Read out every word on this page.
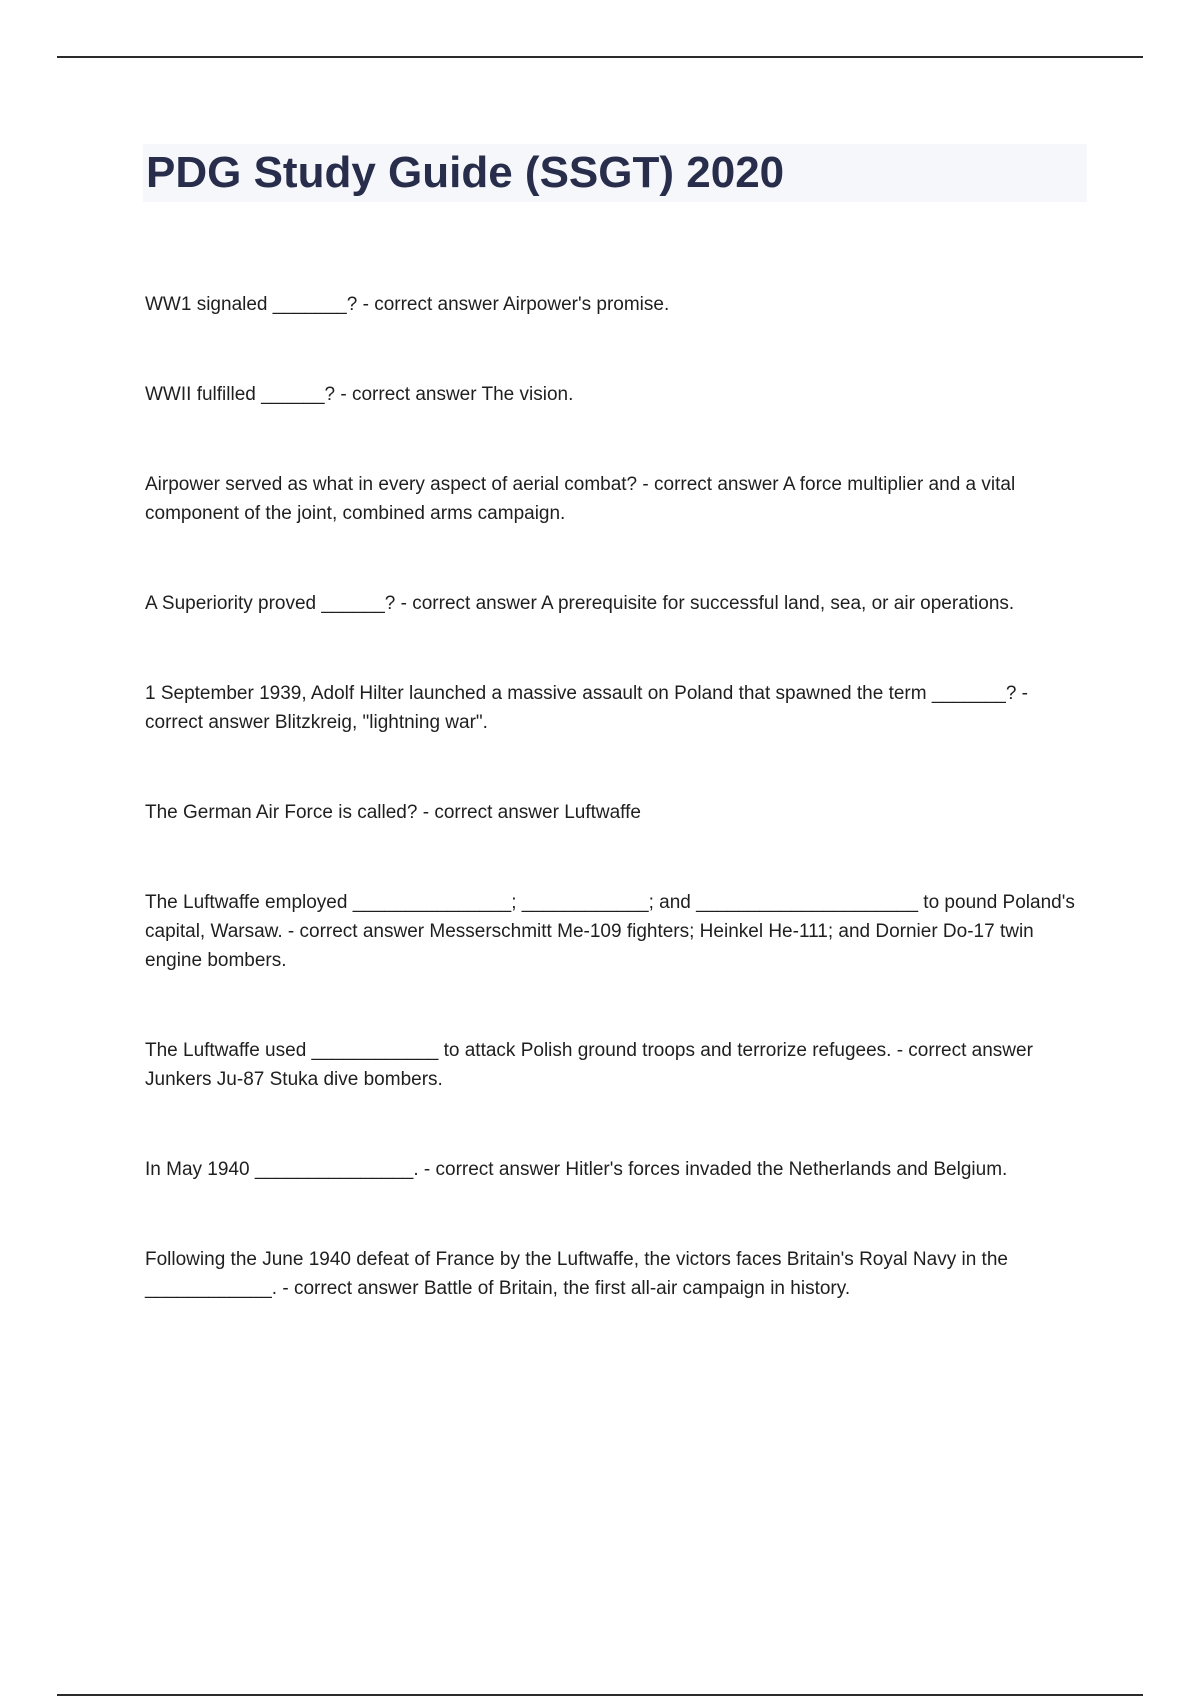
PDG Study Guide (SSGT) 2020
WW1 signaled _______? - correct answer Airpower's promise.
WWII fulfilled ______? - correct answer The vision.
Airpower served as what in every aspect of aerial combat? - correct answer A force multiplier and a vital component of the joint, combined arms campaign.
A Superiority proved ______? - correct answer A prerequisite for successful land, sea, or air operations.
1 September 1939, Adolf Hilter launched a massive assault on Poland that spawned the term _______? - correct answer Blitzkreig, "lightning war".
The German Air Force is called? - correct answer Luftwaffe
The Luftwaffe employed _______________; ____________; and _____________________ to pound Poland's capital, Warsaw. - correct answer Messerschmitt Me-109 fighters; Heinkel He-111; and Dornier Do-17 twin engine bombers.
The Luftwaffe used ____________ to attack Polish ground troops and terrorize refugees. - correct answer Junkers Ju-87 Stuka dive bombers.
In May 1940 _______________. - correct answer Hitler's forces invaded the Netherlands and Belgium.
Following the June 1940 defeat of France by the Luftwaffe, the victors faces Britain's Royal Navy in the ____________. - correct answer Battle of Britain, the first all-air campaign in history.
